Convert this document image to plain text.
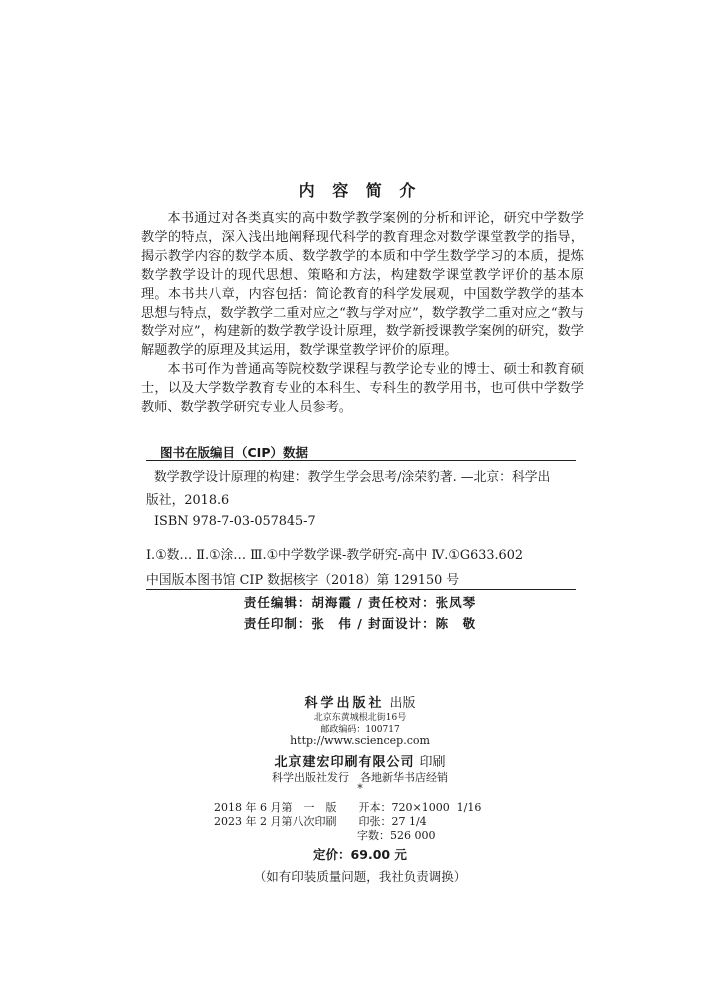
内 容 简 介

本书通过对各类真实的高中数学教学案例的分析和评论，研究中学数学教学的特点，深入浅出地阐释现代科学的教育理念对数学课堂教学的指导，揭示教学内容的数学本质、数学教学的本质和中学生数学学习的本质，提炼数学教学设计的现代思想、策略和方法，构建数学课堂教学评价的基本原理。本书共八章，内容包括：简论教育的科学发展观，中国数学教学的基本思想与特点，数学教学二重对应之“教与学对应”，数学教学二重对应之“教与数学对应”，构建新的数学教学设计原理，数学新授课教学案例的研究，数学解题教学的原理及其运用，数学课堂教学评价的原理。

本书可作为普通高等院校数学课程与教学论专业的博士、硕士和教育硕士，以及大学数学教育专业的本科生、专科生的教学用书，也可供中学数学教师、数学教学研究专业人员参考。

图书在版编目（CIP）数据
数学教学设计原理的构建：教学生学会思考/涂荣豹著. —北京：科学出
版社，2018.6
ISBN 978-7-03-057845-7
Ⅰ.①数… Ⅱ.①涂… Ⅲ.①中学数学课-教学研究-高中 Ⅳ.①G633.602
中国版本图书馆 CIP 数据核字（2018）第 129150 号
责任编辑：胡海霞 / 责任校对：张凤琴
责任印制：张　伟 / 封面设计：陈　敬
科学出版社 出版
北京东黄城根北街16号
邮政编码：100717
http://www.sciencep.com
北京建宏印刷有限公司 印刷
科学出版社发行　各地新华书店经销
*
2018 年 6 月第　一　版　　开本：720×1000  1/16
2023 年 2 月第八次印刷　　印张：27 1/4
　　　　　　　　　　　　　字数：526 000
定价：69.00 元
（如有印装质量问题，我社负责调换）
